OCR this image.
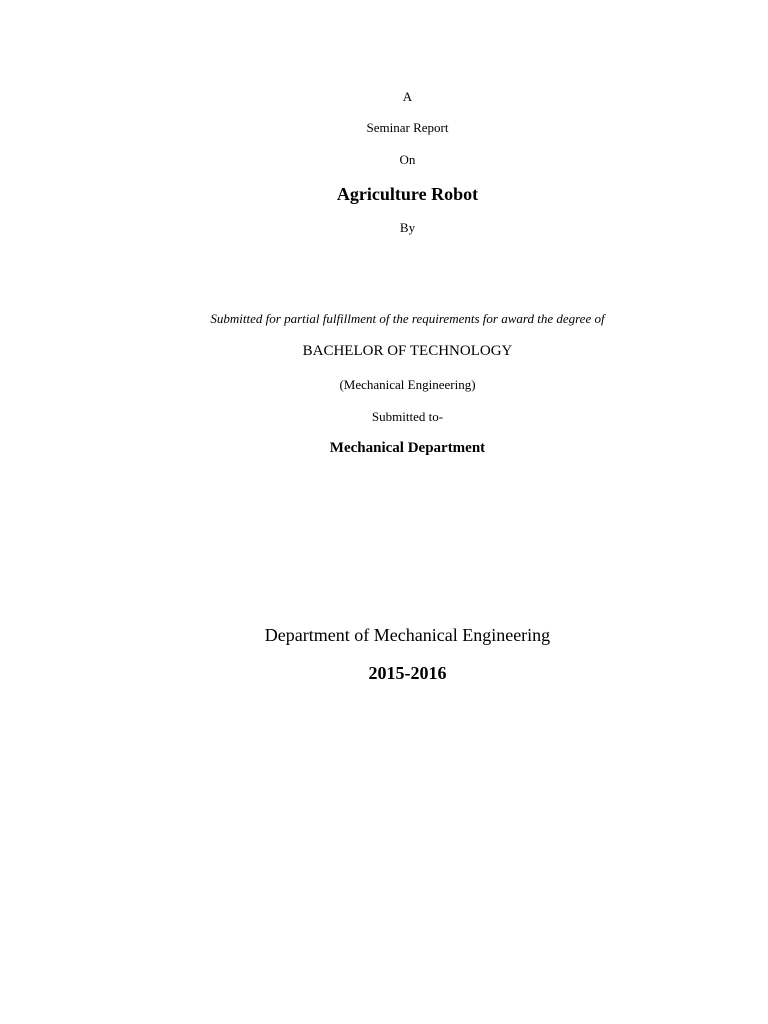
A
Seminar Report
On
Agriculture Robot
By
Submitted for partial fulfillment of the requirements for award the degree of
BACHELOR OF TECHNOLOGY
(Mechanical Engineering)
Submitted to-
Mechanical Department
Department of Mechanical Engineering
2015-2016
